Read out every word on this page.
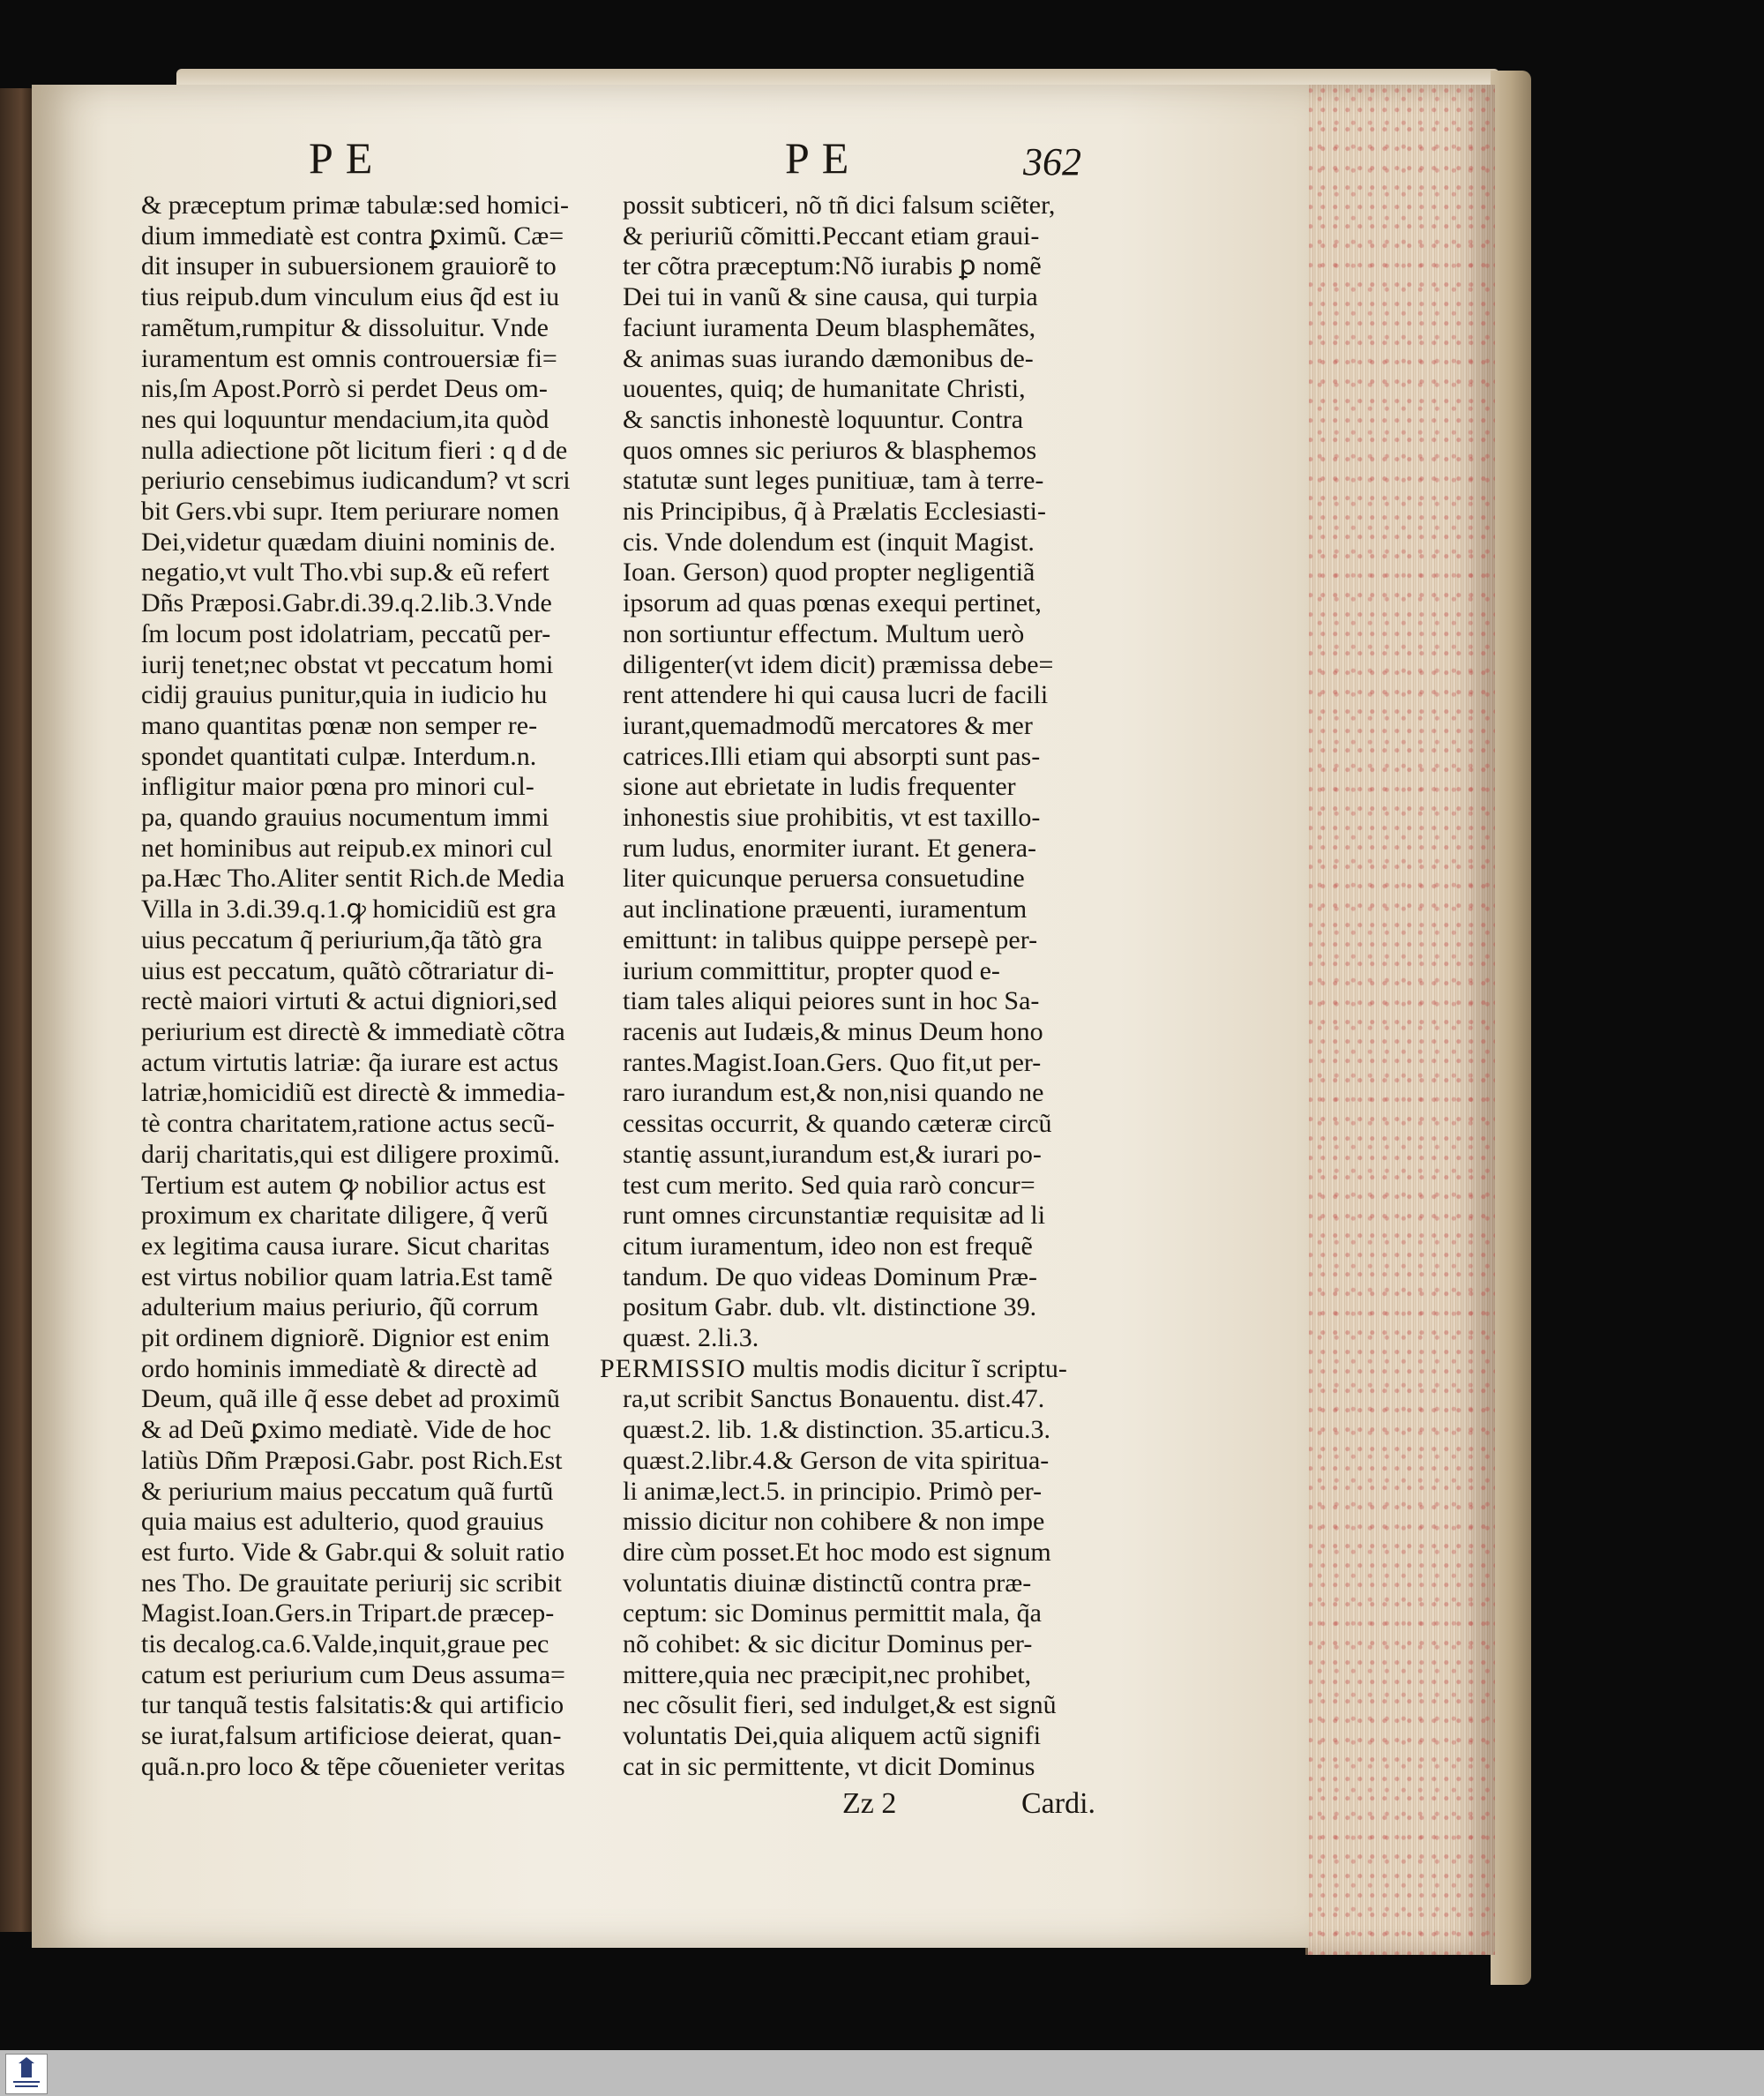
PE	PE	362
& præceptum primæ tabulæ:sed homici-
dium immediatè est contra ꝑximũ. Cæ=
dit insuper in subuersionem grauiorẽ to
tius reipub.dum vinculum eius q̃d est iu
ramẽtum,rumpitur & dissoluitur. Vnde
iuramentum est omnis controuersiæ fi=
nis,ſm Apost.Porrò si perdet Deus om-
nes qui loquuntur mendacium,ita quòd
nulla adiectione põt licitum fieri : q d de
periurio censebimus iudicandum? vt scri
bit Gers.vbi supr. Item periurare nomen
Dei,videtur quædam diuini nominis de.
negatio,vt vult Tho.vbi sup.& eũ refert
Dñs Præposi.Gabr.di.39.q.2.lib.3.Vnde
ſm locum post idolatriam, peccatũ per-
iurij tenet;nec obstat vt peccatum homi
cidij grauius punitur,quia in iudicio hu
mano quantitas pœnæ non semper re-
spondet quantitati culpæ. Interdum.n.
infligitur maior pœna pro minori cul-
pa, quando grauius nocumentum immi
net hominibus aut reipub.ex minori cul
pa.Hæc Tho.Aliter sentit Rich.de Media
Villa in 3.di.39.q.1.ꝙ homicidiũ est gra
uius peccatum q̃ periurium,q̃a tãtò gra
uius est peccatum, quãtò cõtrariatur di-
rectè maiori virtuti & actui digniori,sed
periurium est directè & immediatè cõtra
actum virtutis latriæ: q̃a iurare est actus
latriæ,homicidiũ est directè & immedia-
tè contra charitatem,ratione actus secũ-
darij charitatis,qui est diligere proximũ.
Tertium est autem ꝙ nobilior actus est
proximum ex charitate diligere, q̃ verũ
ex legitima causa iurare. Sicut charitas
est virtus nobilior quam latria.Est tamẽ
adulterium maius periurio, q̃ũ corrum
pit ordinem digniorẽ. Dignior est enim
ordo hominis immediatè & directè ad
Deum, quã ille q̃ esse debet ad proximũ
& ad Deũ ꝑximo mediatè. Vide de hoc
latiùs Dñm Præposi.Gabr. post Rich.Est
& periurium maius peccatum quã furtũ
quia maius est adulterio, quod grauius
est furto. Vide & Gabr.qui & soluit ratio
nes Tho. De grauitate periurij sic scribit
Magist.Ioan.Gers.in Tripart.de præcep-
tis decalog.ca.6.Valde,inquit,graue pec
catum est periurium cum Deus assuma=
tur tanquã testis falsitatis:& qui artificio
se iurat,falsum artificiose deierat, quan-
quã.n.pro loco & tẽpe cõuenieter veritas
possit subticeri, nõ tñ dici falsum sciẽter,
& periuriũ cõmitti.Peccant etiam graui-
ter cõtra præceptum:Nõ iurabis ꝑ nomẽ
Dei tui in vanũ & sine causa, qui turpia
faciunt iuramenta Deum blasphemãtes,
& animas suas iurando dæmonibus de-
uouentes, quiq; de humanitate Christi,
& sanctis inhonestè loquuntur. Contra
quos omnes sic periuros & blasphemos
statutæ sunt leges punitiuæ, tam à terre-
nis Principibus, q̃ à Prælatis Ecclesiasti-
cis. Vnde dolendum est (inquit Magist.
Ioan. Gerson) quod propter negligentiã
ipsorum ad quas pœnas exequi pertinet,
non sortiuntur effectum. Multum uerò
diligenter(vt idem dicit) præmissa debe=
rent attendere hi qui causa lucri de facili
iurant,quemadmodũ mercatores & mer
catrices.Illi etiam qui absorpti sunt pas-
sione aut ebrietate in ludis frequenter
inhonestis siue prohibitis, vt est taxillo-
rum ludus, enormiter iurant. Et genera-
liter quicunque peruersa consuetudine
aut inclinatione præuenti, iuramentum
emittunt: in talibus quippe persepè per-
iurium committitur, propter quod e-
tiam tales aliqui peiores sunt in hoc Sa-
racenis aut Iudæis,& minus Deum hono
rantes.Magist.Ioan.Gers. Quo fit,ut per-
raro iurandum est,& non,nisi quando ne
cessitas occurrit, & quando cæteræ circũ
stantię assunt,iurandum est,& iurari po-
test cum merito. Sed quia rarò concur=
runt omnes circunstantiæ requisitæ ad li
citum iuramentum, ideo non est frequẽ
tandum. De quo videas Dominum Præ-
positum Gabr. dub. vlt. distinctione 39.
quæst. 2.li.3.
PERMISSIO multis modis dicitur ĩ scriptu-
ra,ut scribit Sanctus Bonauentu. dist.47.
quæst.2. lib. 1.& distinction. 35.articu.3.
quæst.2.libr.4.& Gerson de vita spiritua-
li animæ,lect.5. in principio. Primò per-
missio dicitur non cohibere & non impe
dire cùm posset.Et hoc modo est signum
voluntatis diuinæ distinctũ contra præ-
ceptum: sic Dominus permittit mala, q̃a
nõ cohibet: & sic dicitur Dominus per-
mittere,quia nec præcipit,nec prohibet,
nec cõsulit fieri, sed indulget,& est signũ
voluntatis Dei,quia aliquem actũ signifi
cat in sic permittente, vt dicit Dominus
Zz 2	Cardi.
